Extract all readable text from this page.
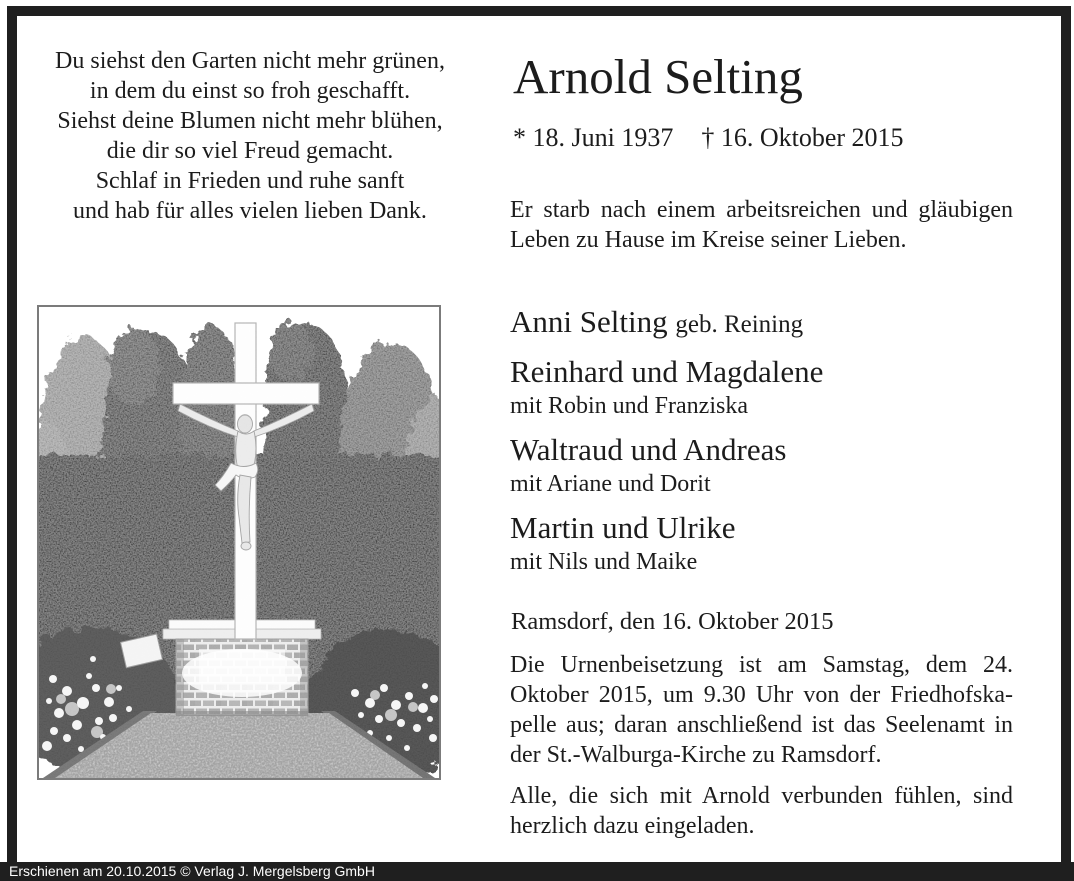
Du siehst den Garten nicht mehr grünen,
in dem du einst so froh geschafft.
Siehst deine Blumen nicht mehr blühen,
die dir so viel Freud gemacht.
Schlaf in Frieden und ruhe sanft
und hab für alles vielen lieben Dank.
Arnold Selting
* 18. Juni 1937 † 16. Oktober 2015
Er starb nach einem arbeitsreichen und gläubigen Leben zu Hause im Kreise seiner Lieben.
Anni Selting geb. Reining
Reinhard und Magdalene
mit Robin und Franziska
Waltraud und Andreas
mit Ariane und Dorit
Martin und Ulrike
mit Nils und Maike
Ramsdorf, den 16. Oktober 2015
Die Urnenbeisetzung ist am Samstag, dem 24. Oktober 2015, um 9.30 Uhr von der Friedhofskapelle aus; daran anschließend ist das Seelenamt in der St.-Walburga-Kirche zu Ramsdorf.
Alle, die sich mit Arnold verbunden fühlen, sind herzlich dazu eingeladen.
Erschienen am 20.10.2015 © Verlag J. Mergelsberg GmbH
